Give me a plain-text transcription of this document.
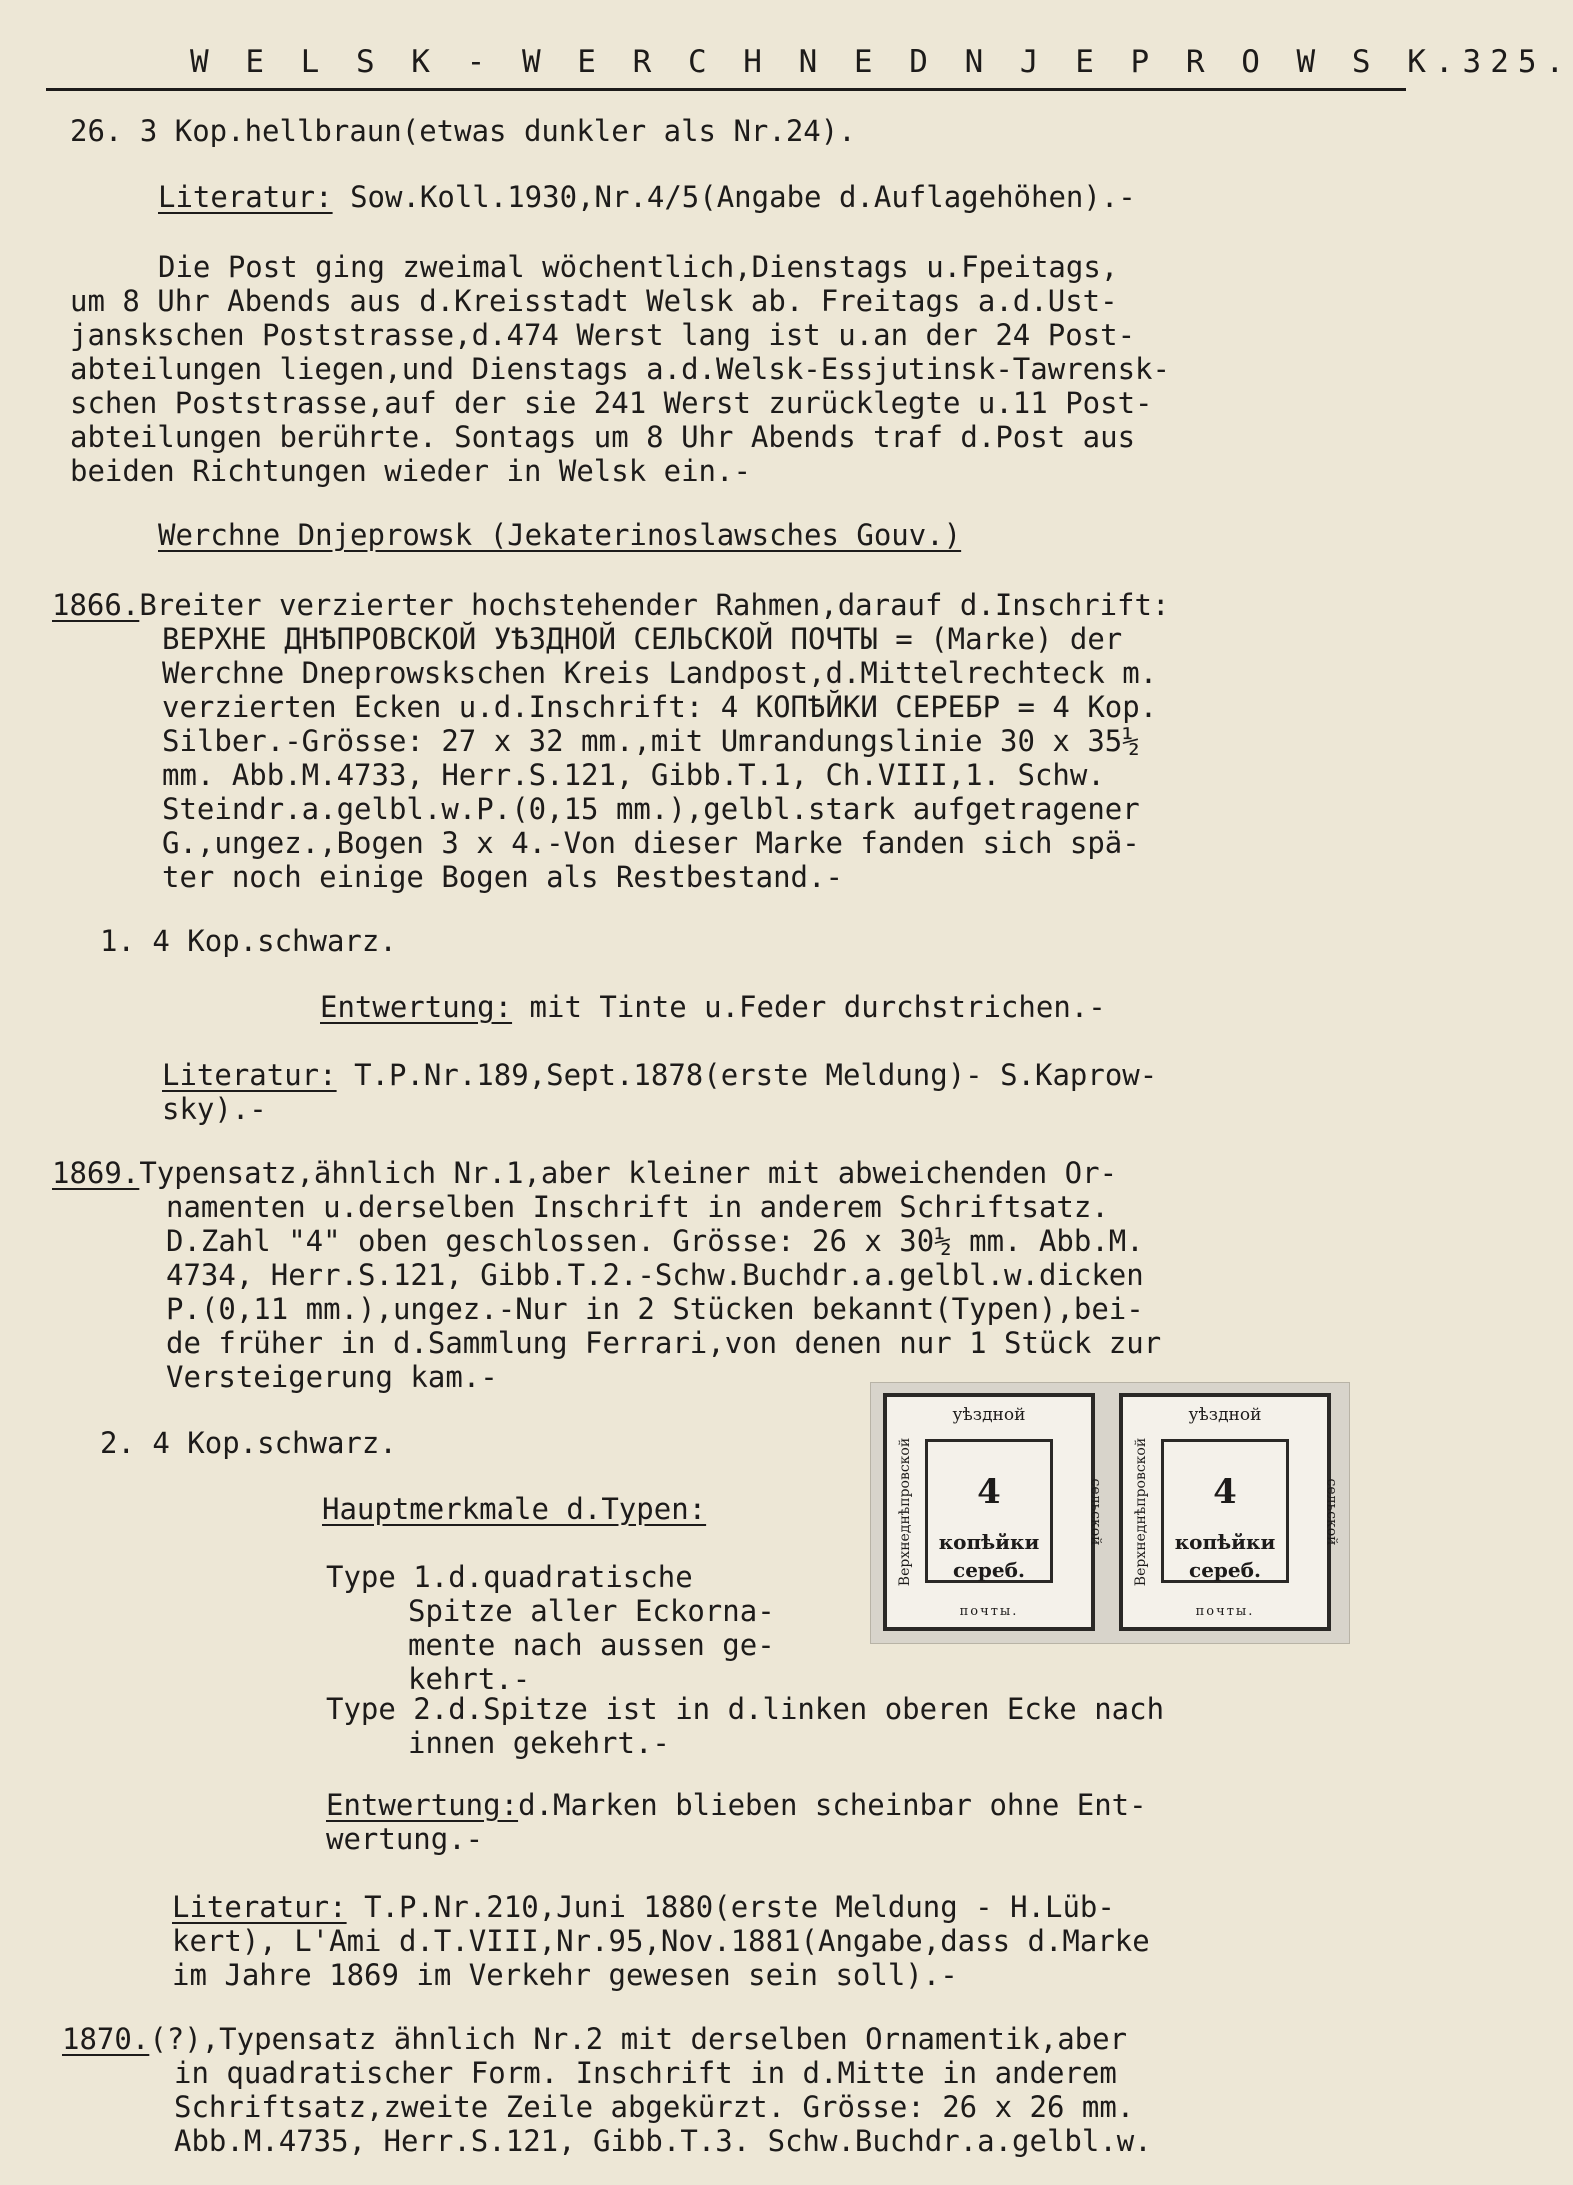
W E L S K - W E R C H N E D N J E P R O W S K. 325.
26. 3 Kop.hellbraun(etwas dunkler als Nr.24).
Literatur: Sow.Koll.1930,Nr.4/5(Angabe d.Auflagehöhen).-
Die Post ging zweimal wöchentlich,Dienstags u.Fpeitags,
um 8 Uhr Abends aus d.Kreisstadt Welsk ab. Freitags a.d.Ust-
janskschen Poststrasse,d.474 Werst lang ist u.an der 24 Post-
abteilungen liegen,und Dienstags a.d.Welsk-Essjutinsk-Tawrensk-
schen Poststrasse,auf der sie 241 Werst zurücklegte u.11 Post-
abteilungen berührte. Sontags um 8 Uhr Abends traf d.Post aus
beiden Richtungen wieder in Welsk ein.-
Werchne Dnjeprowsk (Jekaterinoslawsches Gouv.)
1866.Breiter verzierter hochstehender Rahmen,darauf d.Inschrift:
ВЕРХНЕ ДНѢПРОВСКОЙ УѢЗДНОЙ СЕЛЬСКОЙ ПОЧТЫ = (Marke) der
Werchne Dneprowskschen Kreis Landpost,d.Mittelrechteck m.
verzierten Ecken u.d.Inschrift: 4 КОПѢЙКИ СЕРЕБР = 4 Kop.
Silber.-Grösse: 27 x 32 mm.,mit Umrandungslinie 30 x 35½
mm. Abb.M.4733, Herr.S.121, Gibb.T.1, Ch.VIII,1. Schw.
Steindr.a.gelbl.w.P.(0,15 mm.),gelbl.stark aufgetragener
G.,ungez.,Bogen 3 x 4.-Von dieser Marke fanden sich spä-
ter noch einige Bogen als Restbestand.-
1. 4 Kop.schwarz.
Entwertung: mit Tinte u.Feder durchstrichen.-
Literatur: T.P.Nr.189,Sept.1878(erste Meldung)- S.Kaprow-
sky).-
1869.Typensatz,ähnlich Nr.1,aber kleiner mit abweichenden Or-
namenten u.derselben Inschrift in anderem Schriftsatz.
D.Zahl "4" oben geschlossen. Grösse: 26 x 30½ mm. Abb.M.
4734, Herr.S.121, Gibb.T.2.-Schw.Buchdr.a.gelbl.w.dicken
P.(0,11 mm.),ungez.-Nur in 2 Stücken bekannt(Typen),bei-
de früher in d.Sammlung Ferrari,von denen nur 1 Stück zur
Versteigerung kam.-
2. 4 Kop.schwarz.
Hauptmerkmale d.Typen:
Type 1.d.quadratische
Spitze aller Eckorna-
mente nach aussen ge-
kehrt.-
Type 2.d.Spitze ist in d.linken oberen Ecke nach
innen gekehrt.-
Entwertung:d.Marken blieben scheinbar ohne Ent-
wertung.-
Literatur: T.P.Nr.210,Juni 1880(erste Meldung - H.Lüb-
kert), L'Ami d.T.VIII,Nr.95,Nov.1881(Angabe,dass d.Marke
im Jahre 1869 im Verkehr gewesen sein soll).-
1870.(?),Typensatz ähnlich Nr.2 mit derselben Ornamentik,aber
in quadratischer Form. Inschrift in d.Mitte in anderem
Schriftsatz,zweite Zeile abgekürzt. Grösse: 26 x 26 mm.
Abb.M.4735, Herr.S.121, Gibb.T.3. Schw.Buchdr.a.gelbl.w.
уѣздной
Верхнеднѣпровской	сельской
4
копѣйки
сереб.
почты.
уѣздной
Верхнеднѣпровской	сельской
4
копѣйки
сереб.
почты.
